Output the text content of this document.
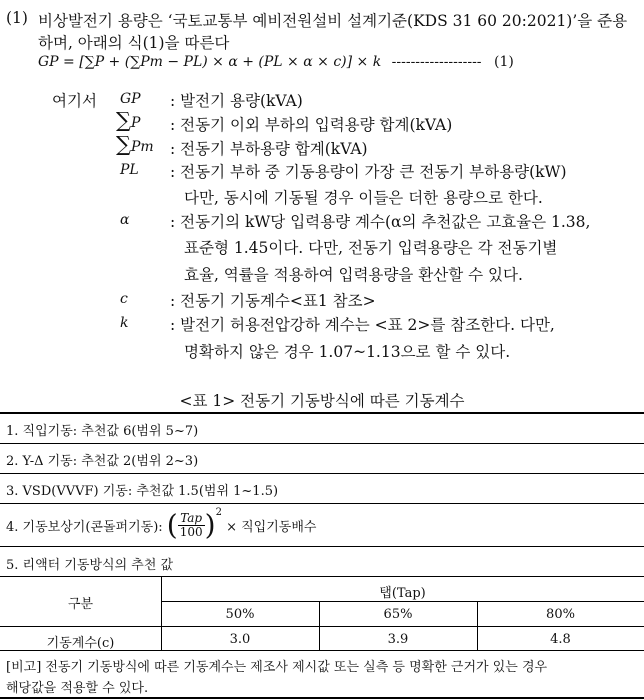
(1) 비상발전기 용량은 ‘국토교통부 예비전원설비 설계기준(KDS 31 60 20:2021)’을 준용
하며, 아래의 식(1)을 따른다
GP = [∑P + (∑Pm − PL) × α + (PL × α × c)] × k ------------------- (1)
여기서 GP : 발전기 용량(kVA)
∑P : 전동기 이외 부하의 입력용량 합계(kVA)
∑Pm : 전동기 부하용량 합계(kVA)
PL : 전동기 부하 중 기동용량이 가장 큰 전동기 부하용량(kW)
다만, 동시에 기동될 경우 이들은 더한 용량으로 한다.
α	: 전동기의 kW당 입력용량 계수(α의 추천값은 고효율은 1.38,
표준형 1.45이다. 다만, 전동기 입력용량은 각 전동기별
효율, 역률을 적용하여 입력용량을 환산할 수 있다.
c	: 전동기 기동계수<표1 참조>
k	: 발전기 허용전압강하 계수는 <표 2>를 참조한다. 다만,
명확하지 않은 경우 1.07~1.13으로 할 수 있다.
<표 1> 전동기 기동방식에 따른 기동계수
1. 직입기동: 추천값 6(범위 5~7)
2. Y-Δ 기동: 추천값 2(범위 2~3)
3. VSD(VVVF) 기동: 추천값 1.5(범위 1~1.5)
4. 기동보상기(콘돌퍼기동): ( $\frac{\text{Tap}}{100} )^2$ × 직입기동배수
5. 리액터 기동방식의 추천 값
구분
탭(Tap)
50%	65%	80%
기동계수(c)	3.0	3.9	4.8
[비고] 전동기 기동방식에 따른 기동계수는 제조사 제시값 또는 실측 등 명확한 근거가 있는 경우
해당값을 적용할 수 있다.
